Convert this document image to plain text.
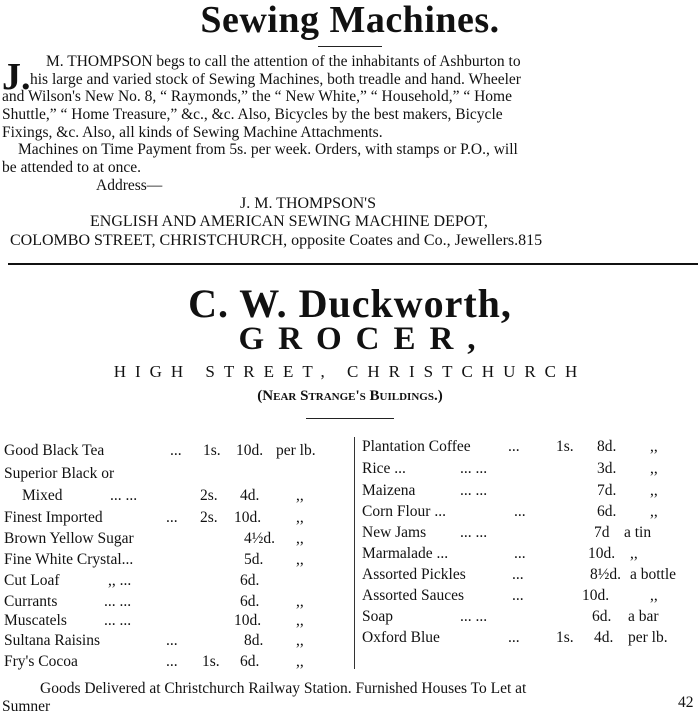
Sewing Machines.
J. M. THOMPSON begs to call the attention of the inhabitants of Ashburton to
his large and varied stock of Sewing Machines, both treadle and hand. Wheeler
and Wilson's New No. 8, “ Raymonds,” the “ New White,” “ Household,” “ Home
Shuttle,” “ Home Treasure,” &c., &c. Also, Bicycles by the best makers, Bicycle
Fixings, &c. Also, all kinds of Sewing Machine Attachments.
Machines on Time Payment from 5s. per week. Orders, with stamps or P.O., will
be attended to at once.
Address—
J. M. THOMPSON'S
ENGLISH AND AMERICAN SEWING MACHINE DEPOT,
COLOMBO STREET, CHRISTCHURCH, opposite Coates and Co., Jewellers.815
C. W. Duckworth,
GROCER,
HIGH STREET, CHRISTCHURCH
(Near Strange's Buildings.)
Good Black Tea	... 1s. 10d. per lb.
Superior Black or
Mixed	... ...	2s. 4d. ,,
Finest Imported	... 2s. 10d. ,,
Brown Yellow Sugar	4½d. ,,
Fine White Crystal...	5d. ,,
Cut Loaf	,, ...	6d.
Currants	... ...	6d. ,,
Muscatels ... ...	10d. ,,
Sultana Raisins	...	8d. ,,
Fry's Cocoa	... 1s. 6d. ,,
Plantation Coffee ... 1s. 8d. ,,
Rice ...	... ...	3d. ,,
Maizena	... ...	7d. ,,
Corn Flour ...	...	6d. ,,
New Jams ... ...	7d a tin
Marmalade ...	...	10d. ,,
Assorted Pickles	...	8½d. a bottle
Assorted Sauces	...	10d.	,,
Soap	... ...	6d. a bar
Oxford Blue	... 1s. 4d. per lb.
Goods Delivered at Christchurch Railway Station. Furnished Houses To Let at
Sumner	42
